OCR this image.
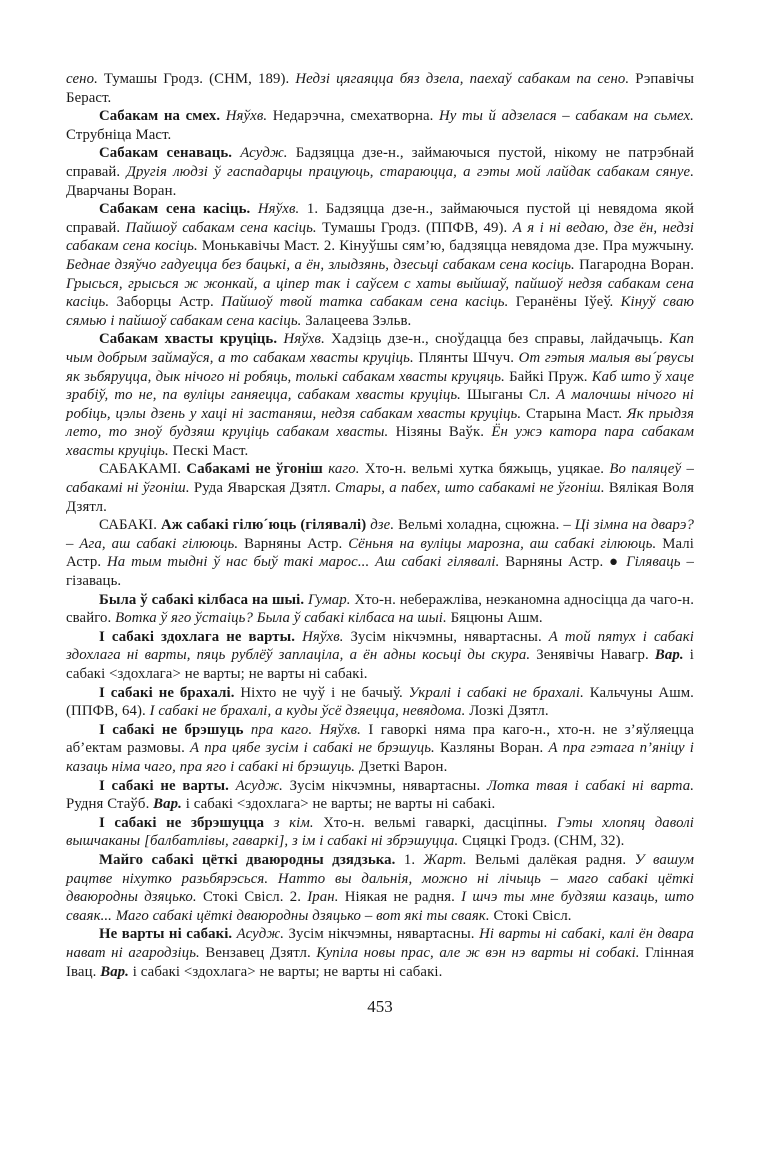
сено. Тумашы Гродз. (СНМ, 189). Недзі цягаяцца бяз дзела, паехаў сабакам па сено. Рэпавічы Бераст.

Сабакам на смех. Няўхв. Недарэчна, смехатворна. Ну ты й адзелася – сабакам на сьмех. Струбніца Маст.

Сабакам сенаваць. Асудж. Бадзяцца дзе-н., займаючыся пустой, нікому не патрэбнай справай. Другія людзі ў гаспадарцы працуюць, стараюцца, а гэты мой лайдак сабакам сянуе. Дварчаны Воран.

Сабакам сена касіць. Няўхв. 1. Бадзяцца дзе-н., займаючыся пустой ці невядома якой справай. Пайшоў сабакам сена касіць. Тумашы Гродз. (ППФВ, 49). А я і ні ведаю, дзе ён, недзі сабакам сена косіць. Монькавічы Маст. 2. Кінуўшы сям’ю, бадзяцца невядома дзе. Пра мужчыну. Беднае дзяўчо гадуецца без бацькі, а ён, злыдзянь, дзесьці сабакам сена косіць. Пагародна Воран. Грысься, грысься ж жонкай, а ціпер так і саўсем с хаты выйшаў, пайшоў недзя сабакам сена касіць. Заборцы Астр. Пайшоў твой татка сабакам сена касіць. Геранёны Іўеў. Кінуў сваю сямью і пайшоў сабакам сена касіць. Залацеева Зэльв.

Сабакам хвасты круціць. Няўхв. Хадзіць дзе-н., сноўдацца без справы, лайдачыць. Кап чым добрым займаўся, а то сабакам хвасты круціць. Плянты Шчуч. От гэтыя малыя вы´рвусы як зьбяруцца, дык нічого ні робяць, толькі сабакам хвасты круцяць. Байкі Пруж. Каб што ў хаце зрабіў, то не, па вуліцы ганяецца, сабакам хвасты круціць. Шыганы Сл. А малочшы нічого ні робіць, цэлы дзень у хаці ні застаняш, недзя сабакам хвасты круціць. Старына Маст. Як прыдзя лето, то зноў будзяш круціць сабакам хвасты. Нізяны Ваўк. Ён ужэ катора пара сабакам хвасты круціць. Пескі Маст.

САБАКАМІ. Сабакамі не ўгоніш каго. Хто-н. вельмі хутка бяжыць, уцякае. Во паляцеў – сабакамі ні ўгоніш. Руда Яварская Дзятл. Стары, а пабех, што сабакамі не ўгоніш. Вялікая Воля Дзятл.

САБАКІ. Аж сабакі гілю´юць (гілявалі) дзе. Вельмі холадна, сцюжна. – Ці зімна на дварэ? – Ага, аш сабакі гілююць. Варняны Астр. Сёньня на вуліцы марозна, аш сабакі гілююць. Малі Астр. На тым тыдні ў нас быў такі марос... Аш сабакі гілявалі. Варняны Астр. ● Гіляваць – гізаваць.

Была ў сабакі кілбаса на шыі. Гумар. Хто-н. неберажліва, неэканомна адносіцца да чаго-н. свайго. Вотка ў яго ўстаіць? Была ў сабакі кілбаса на шыі. Бяцюны Ашм.

І сабакі здохлага не варты. Няўхв. Зусім нікчэмны, нявартасны. А той пятух і сабакі здохлага ні варты, пяць рублёў заплаціла, а ён адны косьці ды скура. Зенявічы Навагр. Вар. і сабакі <здохлага> не варты; не варты ні сабакі.

І сабакі не брахалі. Ніхто не чуў і не бачыў. Укралі і сабакі не брахалі. Кальчуны Ашм. (ППФВ, 64). І сабакі не брахалі, а куды ўсё дзяецца, невядома. Лозкі Дзятл.

І сабакі не брэшуць пра каго. Няўхв. І гаворкі няма пра каго-н., хто-н. не з’яўляецца аб’ектам размовы. А пра цябе зусім і сабакі не брэшуць. Казляны Воран. А пра гэтага п’яніцу і казаць німа чаго, пра яго і сабакі ні брэшуць. Дзеткі Варон.

І сабакі не варты. Асудж. Зусім нікчэмны, нявартасны. Лотка твая і сабакі ні варта. Рудня Стаўб. Вар. і сабакі <здохлага> не варты; не варты ні сабакі.

І сабакі не збрэшуцца з кім. Хто-н. вельмі гаваркі, дасціпны. Гэты хлопяц даволі вышчаканы [балбатлівы, гаваркі], з ім і сабакі ні збрэшуцца. Сцяцкі Гродз. (СНМ, 32).

Майго сабакі цёткі дваюродны дзядзька. 1. Жарт. Вельмі далёкая радня. У вашум рацтве ніхутко разьбярэсься. Натто вы дальнія, можно ні лічыць – маго сабакі цёткі дваюродны дзяцько. Стокі Свісл. 2. Іран. Ніякая не радня. І шчэ ты мне будзяш казаць, што сваяк... Маго сабакі цёткі дваюродны дзяцько – вот які ты сваяк. Стокі Свісл.

Не варты ні сабакі. Асудж. Зусім нікчэмны, нявартасны. Ні варты ні сабакі, калі ён двара нават ні агародзіць. Вензавец Дзятл. Купіла новы прас, але ж вэн нэ варты ні собакі. Глінная Івац. Вар. і сабакі <здохлага> не варты; не варты ні сабакі.

453
